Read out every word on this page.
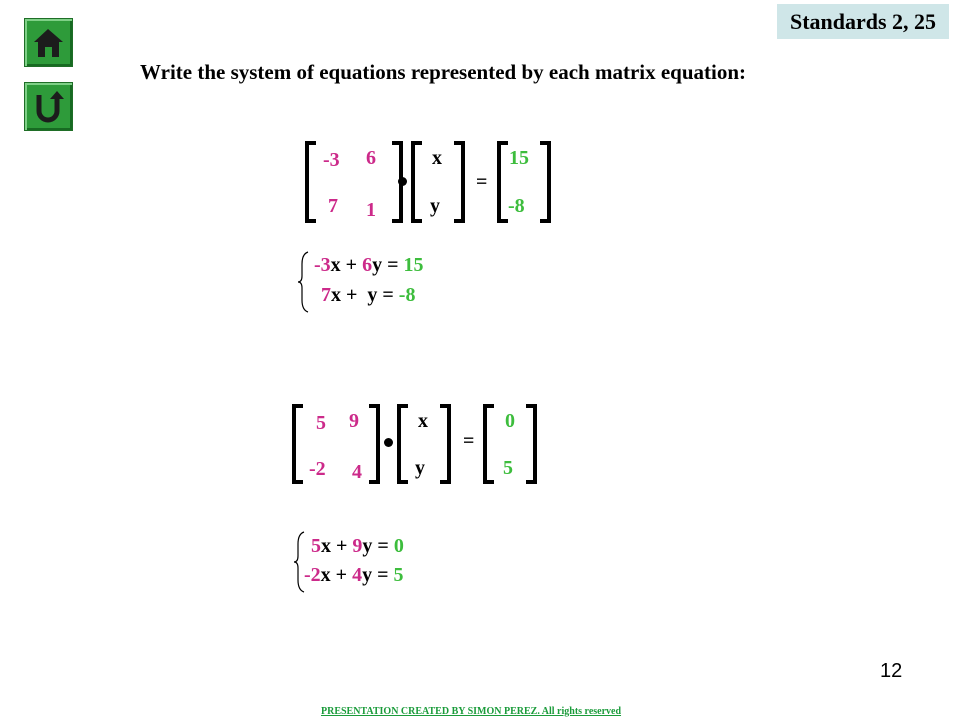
Standards 2, 25
Write the system of equations represented by each matrix equation:
-3 6
7 1
x
y
=
15
-8
-3x + 6y = 15
7x +  y = -8
5 9
-2 4
x
y
=
0
5
5x + 9y = 0
-2x + 4y = 5
12
PRESENTATION CREATED BY SIMON PEREZ. All rights reserved
